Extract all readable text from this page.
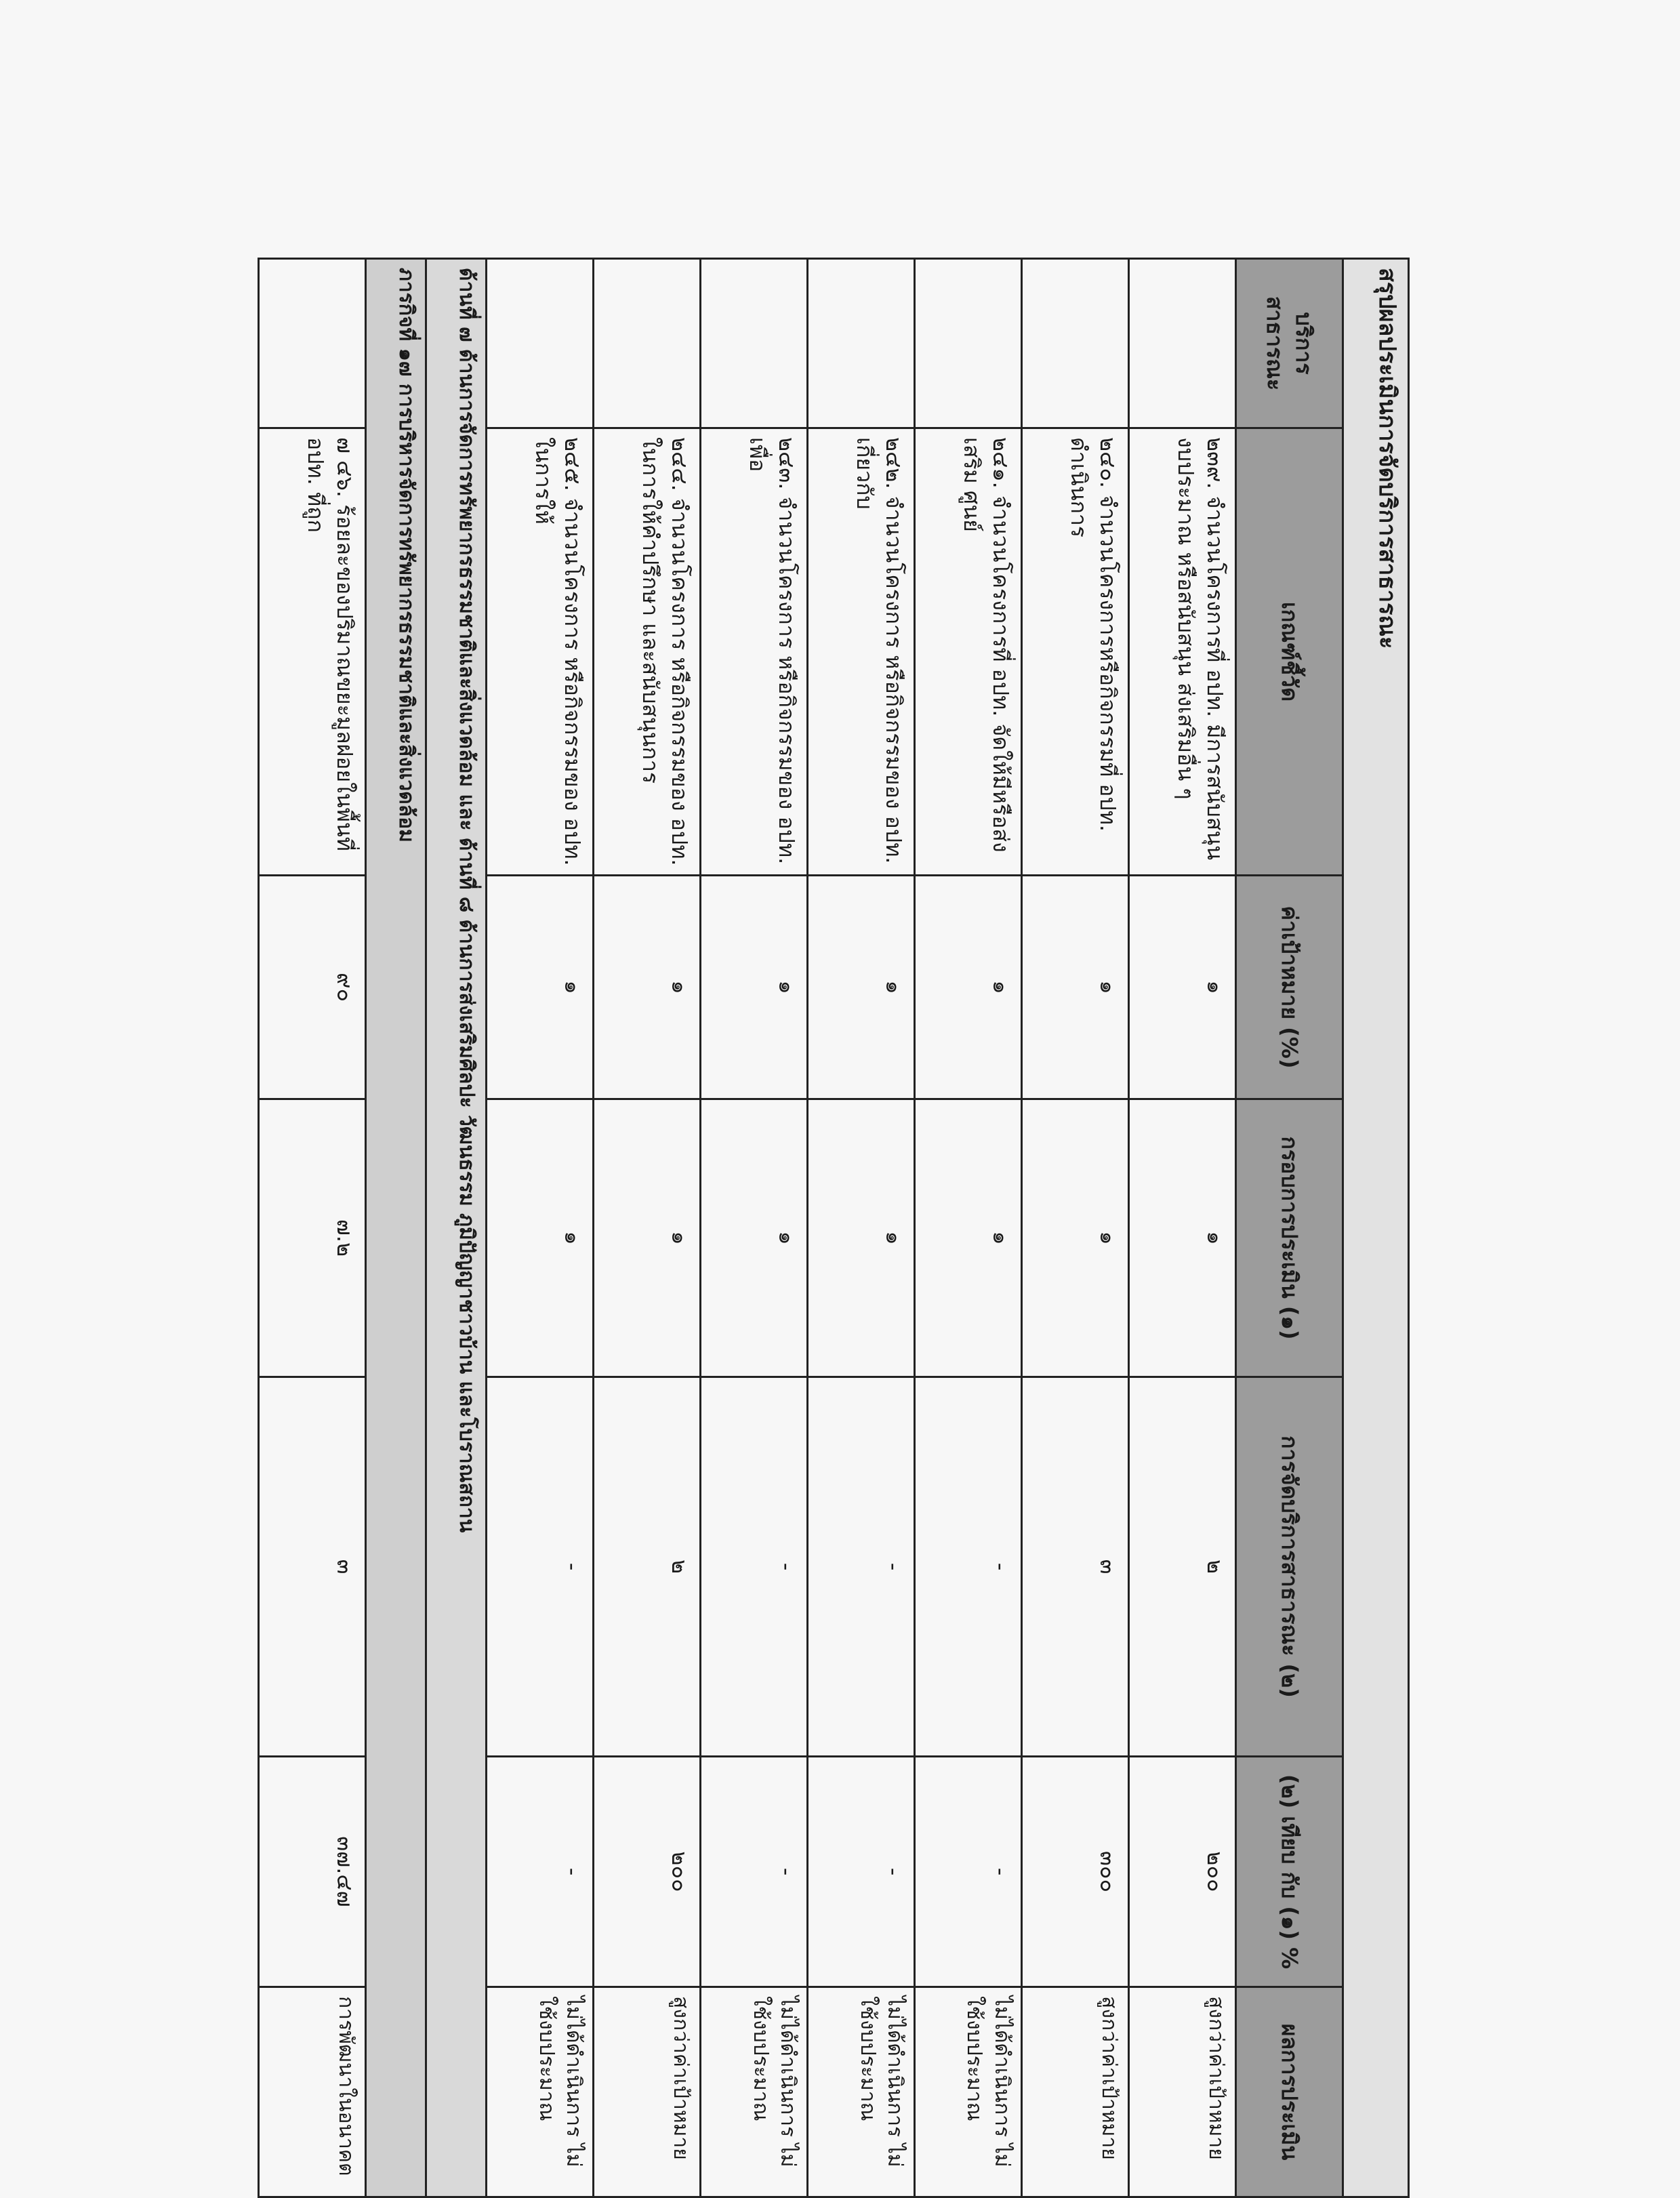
สรุปผลประเมินการจัดบริการสาธารณะ						
บริการสาธารณะ	เกณฑ์ชี้วัด	ค่าเป้าหมาย (%)	กรอบการประเมิน (๑)	การจัดบริการสาธารณะ (๒)	(๒) เทียบ กับ (๑) %	ผลการประเมิน
	๒๓๙. จำนวนโครงการที่ อปท. มีการสนับสนุนงบประมาณ หรือสนับสนุน ส่งเสริมอื่น ๆ	๑	๑	๒	๒๐๐	สูงกว่าค่าเป้าหมาย
	๒๔๐. จำนวนโครงการหรือกิจกรรมที่ อปท. ดำเนินการ	๑	๑	๓	๓๐๐	สูงกว่าค่าเป้าหมาย
	๒๔๑. จำนวนโครงการที่ อปท. จัดให้มีหรือส่งเสริม ศูนย์	๑	๑	-	-	ไม่ได้ดำเนินการ ไม่ใช้งบประมาณ
	๒๔๒. จำนวนโครงการ หรือกิจกรรมของ อปท. เกี่ยวกับ	๑	๑	-	-	ไม่ได้ดำเนินการ ไม่ใช้งบประมาณ
	๒๔๓. จำนวนโครงการ หรือกิจกรรมของ อปท. เพื่อ	๑	๑	-	-	ไม่ได้ดำเนินการ ไม่ใช้งบประมาณ
	๒๔๔. จำนวนโครงการ หรือกิจกรรมของ อปท. ในการให้คำปรึกษา และสนับสนุนการ	๑	๑	๒	๒๐๐	สูงกว่าค่าเป้าหมาย
	๒๔๕. จำนวนโครงการ หรือกิจกรรมของ อปท. ในการให้	๑	๑	-	-	ไม่ได้ดำเนินการ ไม่ใช้งบประมาณ
ด้านที่ ๗ ด้านการจัดการทรัพยากรธรรมชาติและสิ่งแวดล้อม และ ด้านที่ ๘ ด้านการส่งเสริมศิลปะ วัฒนธรรม ภูมิปัญญาชาวบ้าน และโบราณสถาน						
ภารกิจที่ ๑๗ การบริหารจัดการทรัพยากรธรรมชาติและสิ่งแวดล้อม						
	๗ ๔๖. ร้อยละของปริมาณขยะมูลฝอยในพื้นที่ อปท. ที่ถูก	๙๐	๗.๒	๓	๓๗.๔๗	การพัฒนาในอนาคต
